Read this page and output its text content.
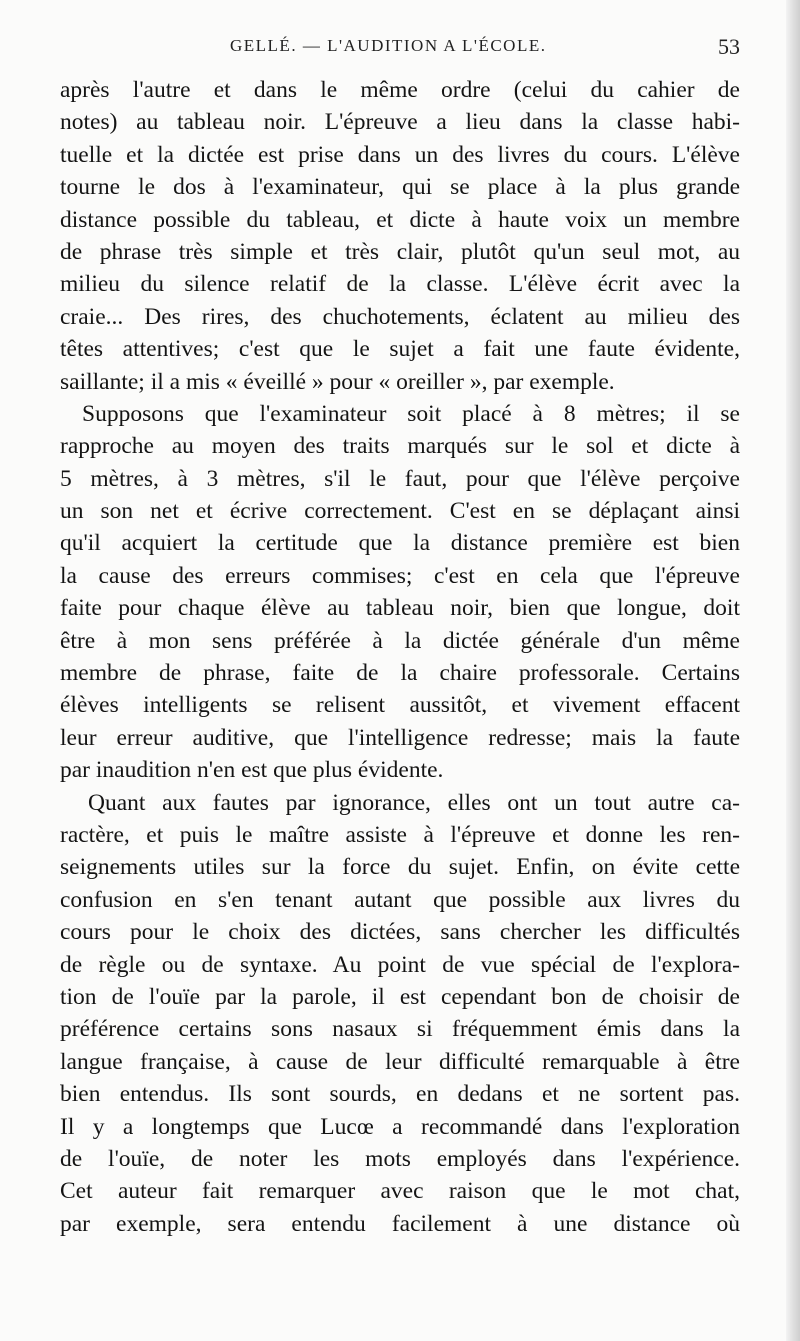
GELLÉ. — L'AUDITION A L'ÉCOLE.	53
après l'autre et dans le même ordre (celui du cahier de
notes) au tableau noir. L'épreuve a lieu dans la classe habi-
tuelle et la dictée est prise dans un des livres du cours. L'élève
tourne le dos à l'examinateur, qui se place à la plus grande
distance possible du tableau, et dicte à haute voix un membre
de phrase très simple et très clair, plutôt qu'un seul mot, au
milieu du silence relatif de la classe. L'élève écrit avec la
craie... Des rires, des chuchotements, éclatent au milieu des
têtes attentives; c'est que le sujet a fait une faute évidente,
saillante; il a mis « éveillé » pour « oreiller », par exemple.
Supposons que l'examinateur soit placé à 8 mètres; il se
rapproche au moyen des traits marqués sur le sol et dicte à
5 mètres, à 3 mètres, s'il le faut, pour que l'élève perçoive
un son net et écrive correctement. C'est en se déplaçant ainsi
qu'il acquiert la certitude que la distance première est bien
la cause des erreurs commises; c'est en cela que l'épreuve
faite pour chaque élève au tableau noir, bien que longue, doit
être à mon sens préférée à la dictée générale d'un même
membre de phrase, faite de la chaire professorale. Certains
élèves intelligents se relisent aussitôt, et vivement effacent
leur erreur auditive, que l'intelligence redresse; mais la faute
par inaudition n'en est que plus évidente.
Quant aux fautes par ignorance, elles ont un tout autre ca-
ractère, et puis le maître assiste à l'épreuve et donne les ren-
seignements utiles sur la force du sujet. Enfin, on évite cette
confusion en s'en tenant autant que possible aux livres du
cours pour le choix des dictées, sans chercher les difficultés
de règle ou de syntaxe. Au point de vue spécial de l'explora-
tion de l'ouïe par la parole, il est cependant bon de choisir de
préférence certains sons nasaux si fréquemment émis dans la
langue française, à cause de leur difficulté remarquable à être
bien entendus. Ils sont sourds, en dedans et ne sortent pas.
Il y a longtemps que Lucœ a recommandé dans l'exploration
de l'ouïe, de noter les mots employés dans l'expérience.
Cet auteur fait remarquer avec raison que le mot chat,
par exemple, sera entendu facilement à une distance où
